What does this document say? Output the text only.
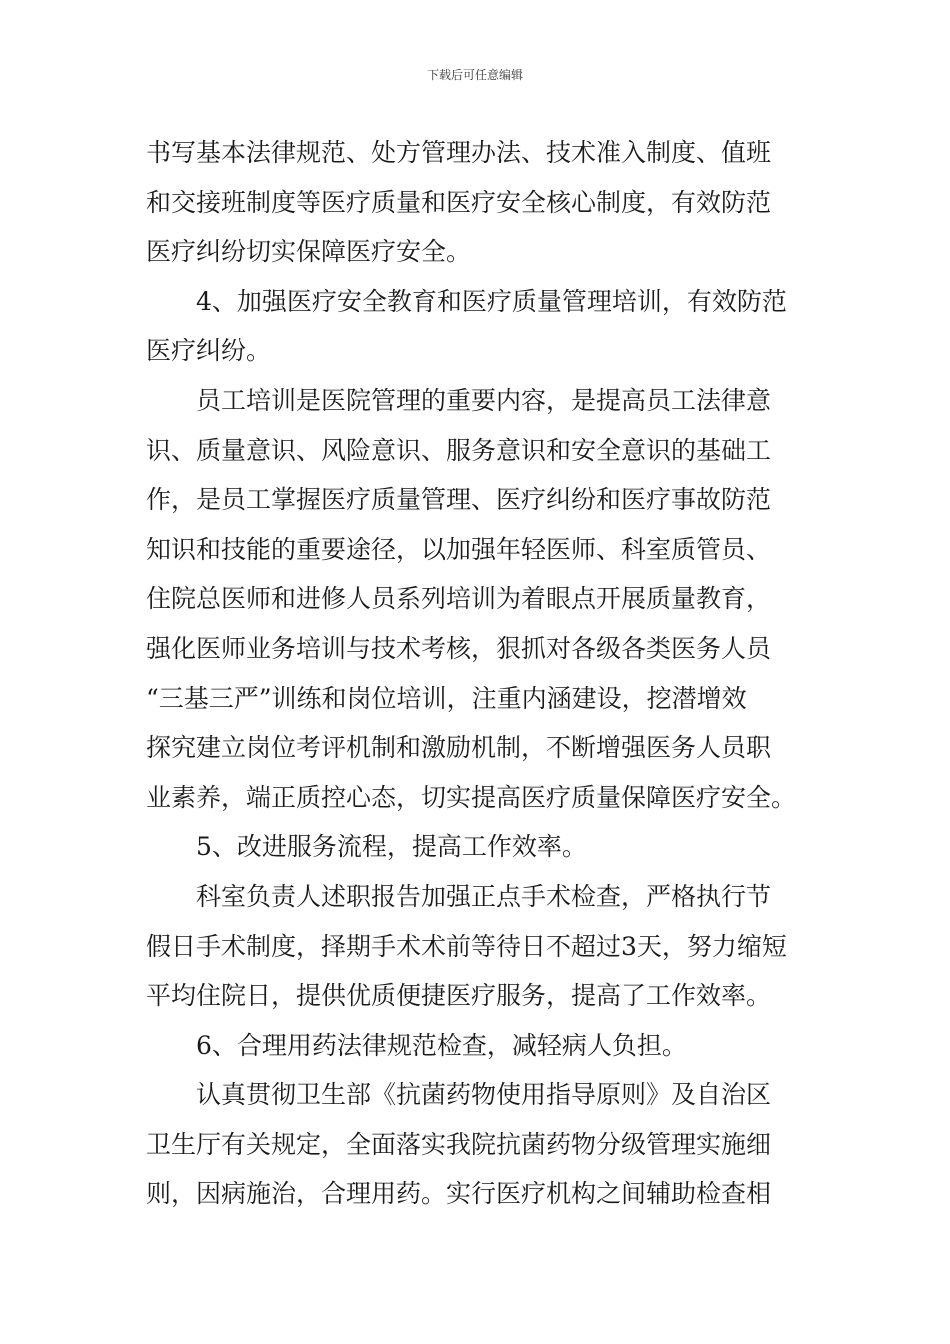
下载后可任意编辑
书写基本法律规范、处方管理办法、技术准入制度、值班
和交接班制度等医疗质量和医疗安全核心制度，有效防范
医疗纠纷切实保障医疗安全。
4、加强医疗安全教育和医疗质量管理培训，有效防范
医疗纠纷。
员工培训是医院管理的重要内容，是提高员工法律意
识、质量意识、风险意识、服务意识和安全意识的基础工
作，是员工掌握医疗质量管理、医疗纠纷和医疗事故防范
知识和技能的重要途径，以加强年轻医师、科室质管员、
住院总医师和进修人员系列培训为着眼点开展质量教育，
强化医师业务培训与技术考核，狠抓对各级各类医务人员
“三基三严”训练和岗位培训，注重内涵建设，挖潜增效
探究建立岗位考评机制和激励机制，不断增强医务人员职
业素养，端正质控心态，切实提高医疗质量保障医疗安全。
5、改进服务流程，提高工作效率。
科室负责人述职报告加强正点手术检查，严格执行节
假日手术制度，择期手术术前等待日不超过3天，努力缩短
平均住院日，提供优质便捷医疗服务，提高了工作效率。
6、合理用药法律规范检查，减轻病人负担。
认真贯彻卫生部《抗菌药物使用指导原则》及自治区
卫生厅有关规定，全面落实我院抗菌药物分级管理实施细
则，因病施治，合理用药。实行医疗机构之间辅助检查相
